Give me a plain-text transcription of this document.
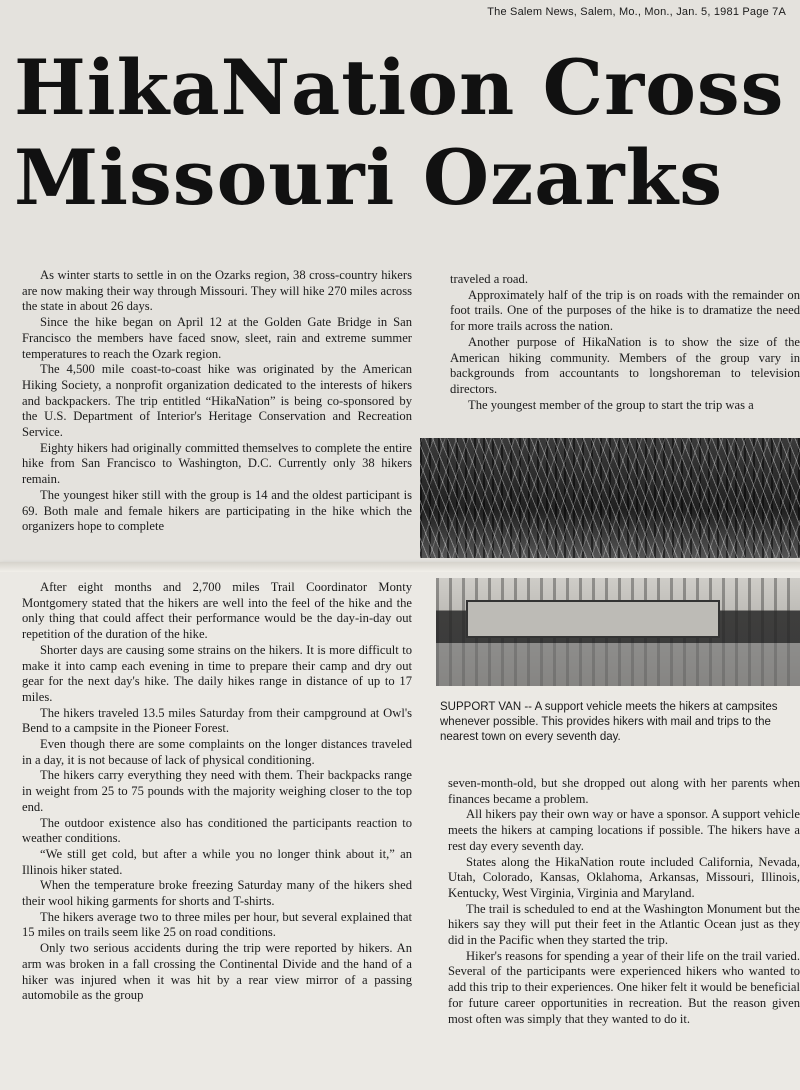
The Salem News, Salem, Mo., Mon., Jan. 5, 1981 Page 7A
HikaNation Cross
Missouri Ozarks

As winter starts to settle in on the Ozarks region, 38 cross-country hikers are now making their way through Missouri. They will hike 270 miles across the state in about 26 days.

Since the hike began on April 12 at the Golden Gate Bridge in San Francisco the members have faced snow, sleet, rain and extreme summer temperatures to reach the Ozark region.

The 4,500 mile coast-to-coast hike was originated by the American Hiking Society, a nonprofit organization dedicated to the interests of hikers and backpackers. The trip entitled “HikaNation” is being co-sponsored by the U.S. Department of Interior's Heritage Conservation and Recreation Service.

Eighty hikers had originally committed themselves to complete the entire hike from San Francisco to Washington, D.C. Currently only 38 hikers remain.

The youngest hiker still with the group is 14 and the oldest participant is 69. Both male and female hikers are participating in the hike which the organizers hope to complete

traveled a road.

Approximately half of the trip is on roads with the remainder on foot trails. One of the purposes of the hike is to dramatize the need for more trails across the nation.

Another purpose of HikaNation is to show the size of the American hiking community. Members of the group vary in backgrounds from accountants to longshoreman to television directors.

The youngest member of the group to start the trip was a

After eight months and 2,700 miles Trail Coordinator Monty Montgomery stated that the hikers are well into the feel of the hike and the only thing that could affect their performance would be the day-in-day out repetition of the duration of the hike.

Shorter days are causing some strains on the hikers. It is more difficult to make it into camp each evening in time to prepare their camp and dry out gear for the next day's hike. The daily hikes range in distance of up to 17 miles.

The hikers traveled 13.5 miles Saturday from their campground at Owl's Bend to a campsite in the Pioneer Forest.

Even though there are some complaints on the longer distances traveled in a day, it is not because of lack of physical conditioning.

The hikers carry everything they need with them. Their backpacks range in weight from 25 to 75 pounds with the majority weighing closer to the top end.

The outdoor existence also has conditioned the participants reaction to weather conditions.

“We still get cold, but after a while you no longer think about it,” an Illinois hiker stated.

When the temperature broke freezing Saturday many of the hikers shed their wool hiking garments for shorts and T-shirts.

The hikers average two to three miles per hour, but several explained that 15 miles on trails seem like 25 on road conditions.

Only two serious accidents during the trip were reported by hikers. An arm was broken in a fall crossing the Continental Divide and the hand of a hiker was injured when it was hit by a rear view mirror of a passing automobile as the group

SUPPORT VAN -- A support vehicle meets the hikers at campsites whenever possible. This provides hikers with mail and trips to the nearest town on every seventh day.

seven-month-old, but she dropped out along with her parents when finances became a problem.

All hikers pay their own way or have a sponsor. A support vehicle meets the hikers at camping locations if possible. The hikers have a rest day every seventh day.

States along the HikaNation route included California, Nevada, Utah, Colorado, Kansas, Oklahoma, Arkansas, Missouri, Illinois, Kentucky, West Virginia, Virginia and Maryland.

The trail is scheduled to end at the Washington Monument but the hikers say they will put their feet in the Atlantic Ocean just as they did in the Pacific when they started the trip.

Hiker's reasons for spending a year of their life on the trail varied. Several of the participants were experienced hikers who wanted to add this trip to their experiences. One hiker felt it would be beneficial for future career opportunities in recreation. But the reason given most often was simply that they wanted to do it.
